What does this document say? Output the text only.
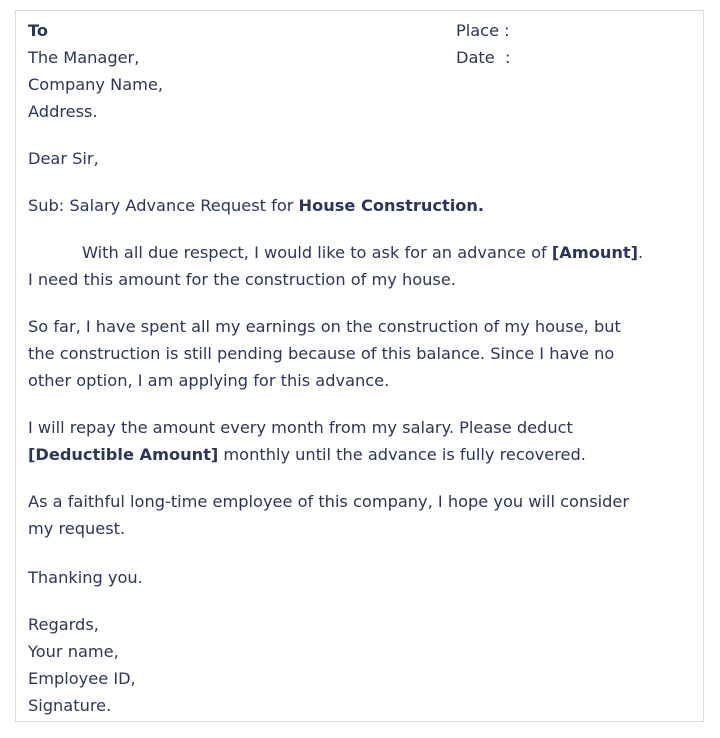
To
The Manager,
Company Name,
Address.
Place :
Date  :
Dear Sir,
Sub: Salary Advance Request for House Construction.
With all due respect, I would like to ask for an advance of [Amount].
I need this amount for the construction of my house.
So far, I have spent all my earnings on the construction of my house, but
the construction is still pending because of this balance. Since I have no
other option, I am applying for this advance.
I will repay the amount every month from my salary. Please deduct
[Deductible Amount] monthly until the advance is fully recovered.
As a faithful long-time employee of this company, I hope you will consider
my request.
Thanking you.
Regards,
Your name,
Employee ID,
Signature.
